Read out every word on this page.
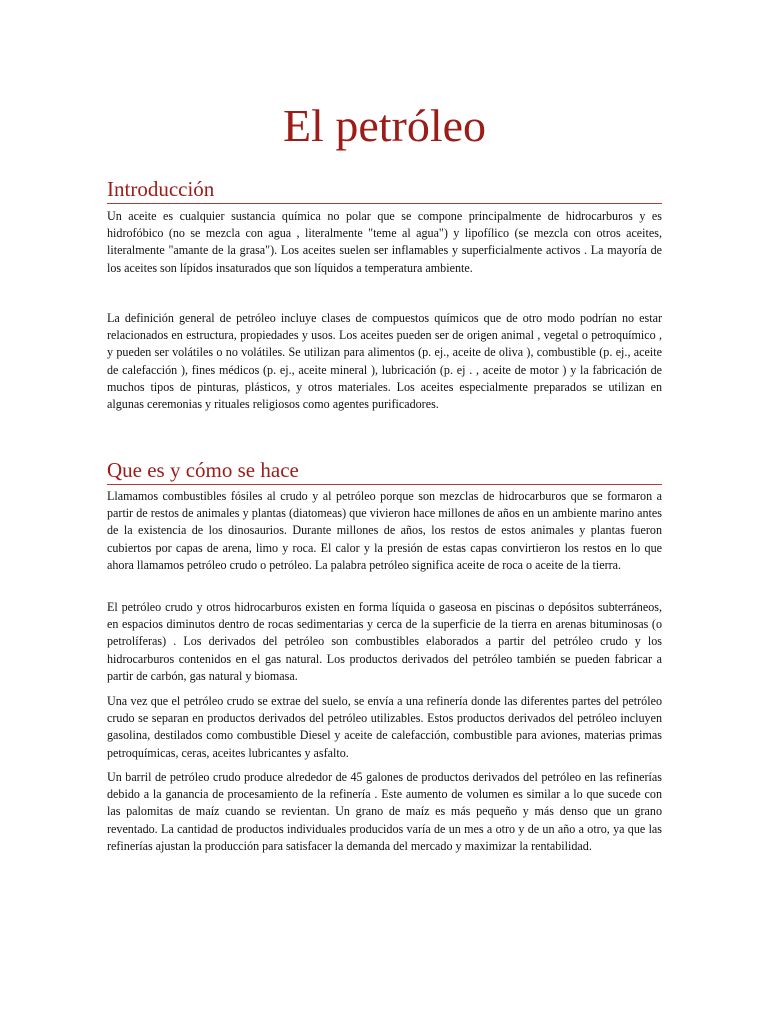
El petróleo
Introducción

Un aceite es cualquier sustancia química no polar que se compone principalmente de hidrocarburos y es hidrofóbico (no se mezcla con agua , literalmente "teme al agua") y lipofílico (se mezcla con otros aceites, literalmente "amante de la grasa"). Los aceites suelen ser inflamables y superficialmente activos . La mayoría de los aceites son lípidos insaturados que son líquidos a temperatura ambiente.

La definición general de petróleo incluye clases de compuestos químicos que de otro modo podrían no estar relacionados en estructura, propiedades y usos. Los aceites pueden ser de origen animal , vegetal o petroquímico , y pueden ser volátiles o no volátiles. Se utilizan para alimentos (p. ej., aceite de oliva ), combustible (p. ej., aceite de calefacción ), fines médicos (p. ej., aceite mineral ), lubricación (p. ej . , aceite de motor ) y la fabricación de muchos tipos de pinturas, plásticos, y otros materiales. Los aceites especialmente preparados se utilizan en algunas ceremonias y rituales religiosos como agentes purificadores.

Que es y cómo se hace

Llamamos combustibles fósiles al crudo y al petróleo porque son mezclas de hidrocarburos que se formaron a partir de restos de animales y plantas (diatomeas) que vivieron hace millones de años en un ambiente marino antes de la existencia de los dinosaurios. Durante millones de años, los restos de estos animales y plantas fueron cubiertos por capas de arena, limo y roca. El calor y la presión de estas capas convirtieron los restos en lo que ahora llamamos petróleo crudo o petróleo. La palabra petróleo significa aceite de roca o aceite de la tierra.

El petróleo crudo y otros hidrocarburos existen en forma líquida o gaseosa en piscinas o depósitos subterráneos, en espacios diminutos dentro de rocas sedimentarias y cerca de la superficie de la tierra en arenas bituminosas (o petrolíferas) . Los derivados del petróleo son combustibles elaborados a partir del petróleo crudo y los hidrocarburos contenidos en el gas natural. Los productos derivados del petróleo también se pueden fabricar a partir de carbón, gas natural y biomasa.

Una vez que el petróleo crudo se extrae del suelo, se envía a una refinería donde las diferentes partes del petróleo crudo se separan en productos derivados del petróleo utilizables. Estos productos derivados del petróleo incluyen gasolina, destilados como combustible Diesel y aceite de calefacción, combustible para aviones, materias primas petroquímicas, ceras, aceites lubricantes y asfalto.

Un barril de petróleo crudo produce alrededor de 45 galones de productos derivados del petróleo en las refinerías debido a la ganancia de procesamiento de la refinería . Este aumento de volumen es similar a lo que sucede con las palomitas de maíz cuando se revientan. Un grano de maíz es más pequeño y más denso que un grano reventado. La cantidad de productos individuales producidos varía de un mes a otro y de un año a otro, ya que las refinerías ajustan la producción para satisfacer la demanda del mercado y maximizar la rentabilidad.
